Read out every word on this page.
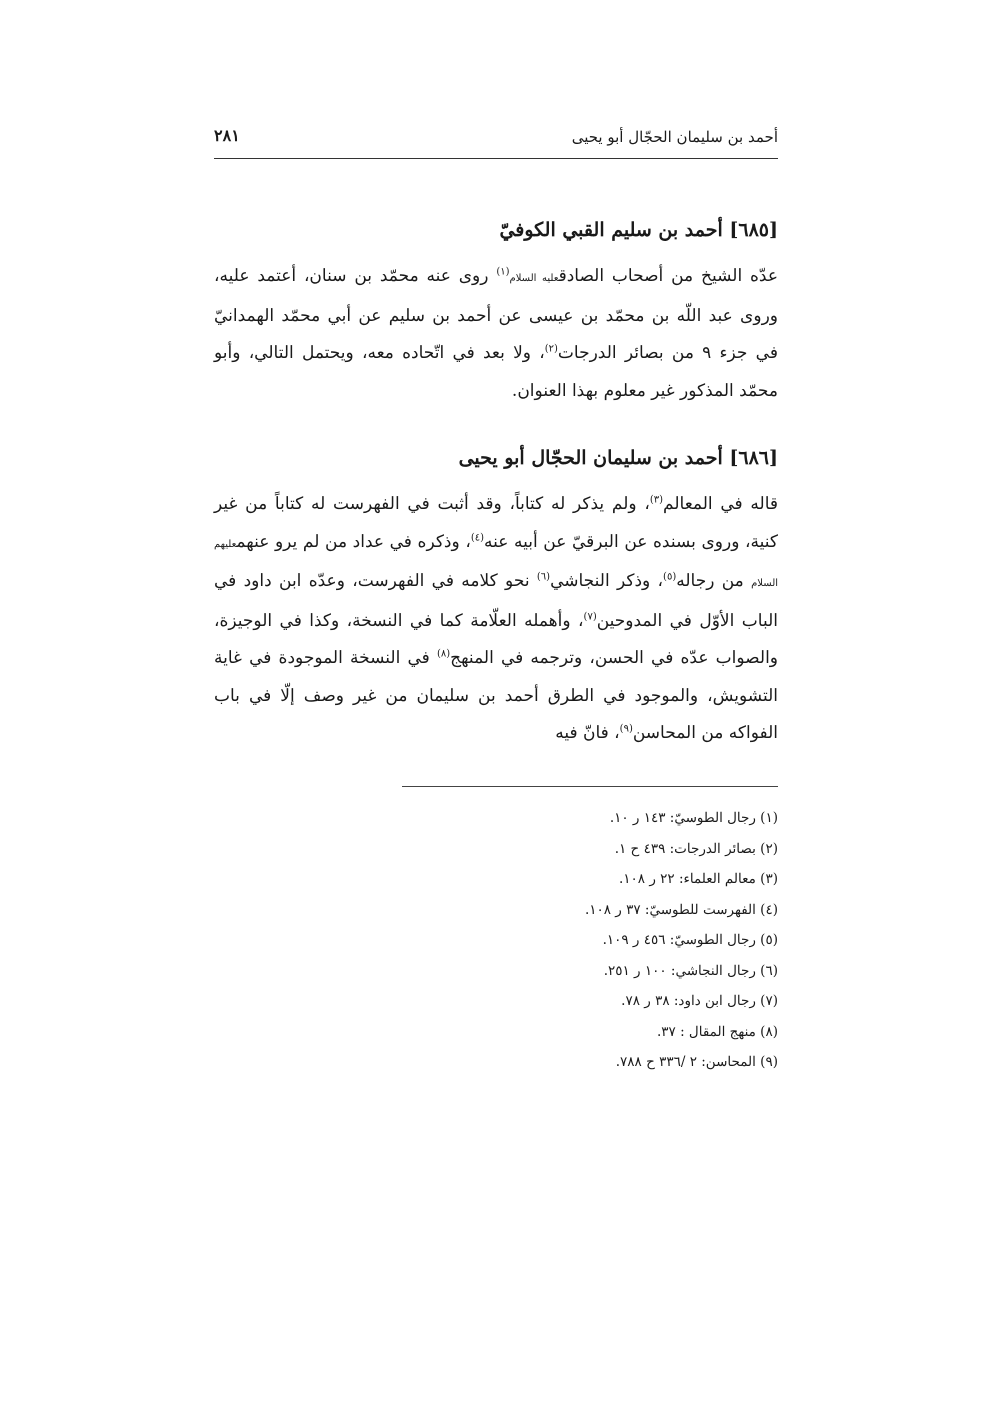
أحمد بن سليمان الحجّال أبو يحيى
٢٨١
[٦٨٥] أحمد بن سليم القبي الكوفيّ

عدّه الشيخ من أصحاب الصادقعليه السلام$^{(١)}$ روى عنه محمّد بن سنان، أعتمد عليه، وروى عبد اللّه بن محمّد بن عيسى عن أحمد بن سليم عن أبي محمّد الهمدانيّ في جزء ٩ من بصائر الدرجات$^{(٢)}$، ولا بعد في اتّحاده معه، ويحتمل التالي، وأبو محمّد المذكور غير معلوم بهذا العنوان.

[٦٨٦] أحمد بن سليمان الحجّال أبو يحيى

قاله في المعالم$^{(٣)}$، ولم يذكر له كتاباً، وقد أثبت في الفهرست له كتاباً من غير كنية، وروى بسنده عن البرقيّ عن أبيه عنه$^{(٤)}$، وذكره في عداد من لم يرو عنهمعليهم السلام من رجاله$^{(٥)}$، وذكر النجاشي$^{(٦)}$ نحو كلامه في الفهرست، وعدّه ابن داود في الباب الأوّل في المدوحين$^{(٧)}$، وأهمله العلّامة كما في النسخة، وكذا في الوجيزة، والصواب عدّه في الحسن، وترجمه في المنهج$^{(٨)}$ في النسخة الموجودة في غاية التشويش، والموجود في الطرق أحمد بن سليمان من غير وصف إلّا في باب الفواكه من المحاسن$^{(٩)}$، فانّ فيه

(١) رجال الطوسيّ: ١٤٣ ر ١٠.
(٢) بصائر الدرجات: ٤٣٩ ح ١.
(٣) معالم العلماء: ٢٢ ر ١٠٨.
(٤) الفهرست للطوسيّ: ٣٧ ر ١٠٨.
(٥) رجال الطوسيّ: ٤٥٦ ر ١٠٩.
(٦) رجال النجاشي: ١٠٠ ر ٢٥١.
(٧) رجال ابن داود: ٣٨ ر ٧٨.
(٨) منهج المقال : ٣٧.
(٩) المحاسن: ٢ /٣٣٦ ح ٧٨٨.
